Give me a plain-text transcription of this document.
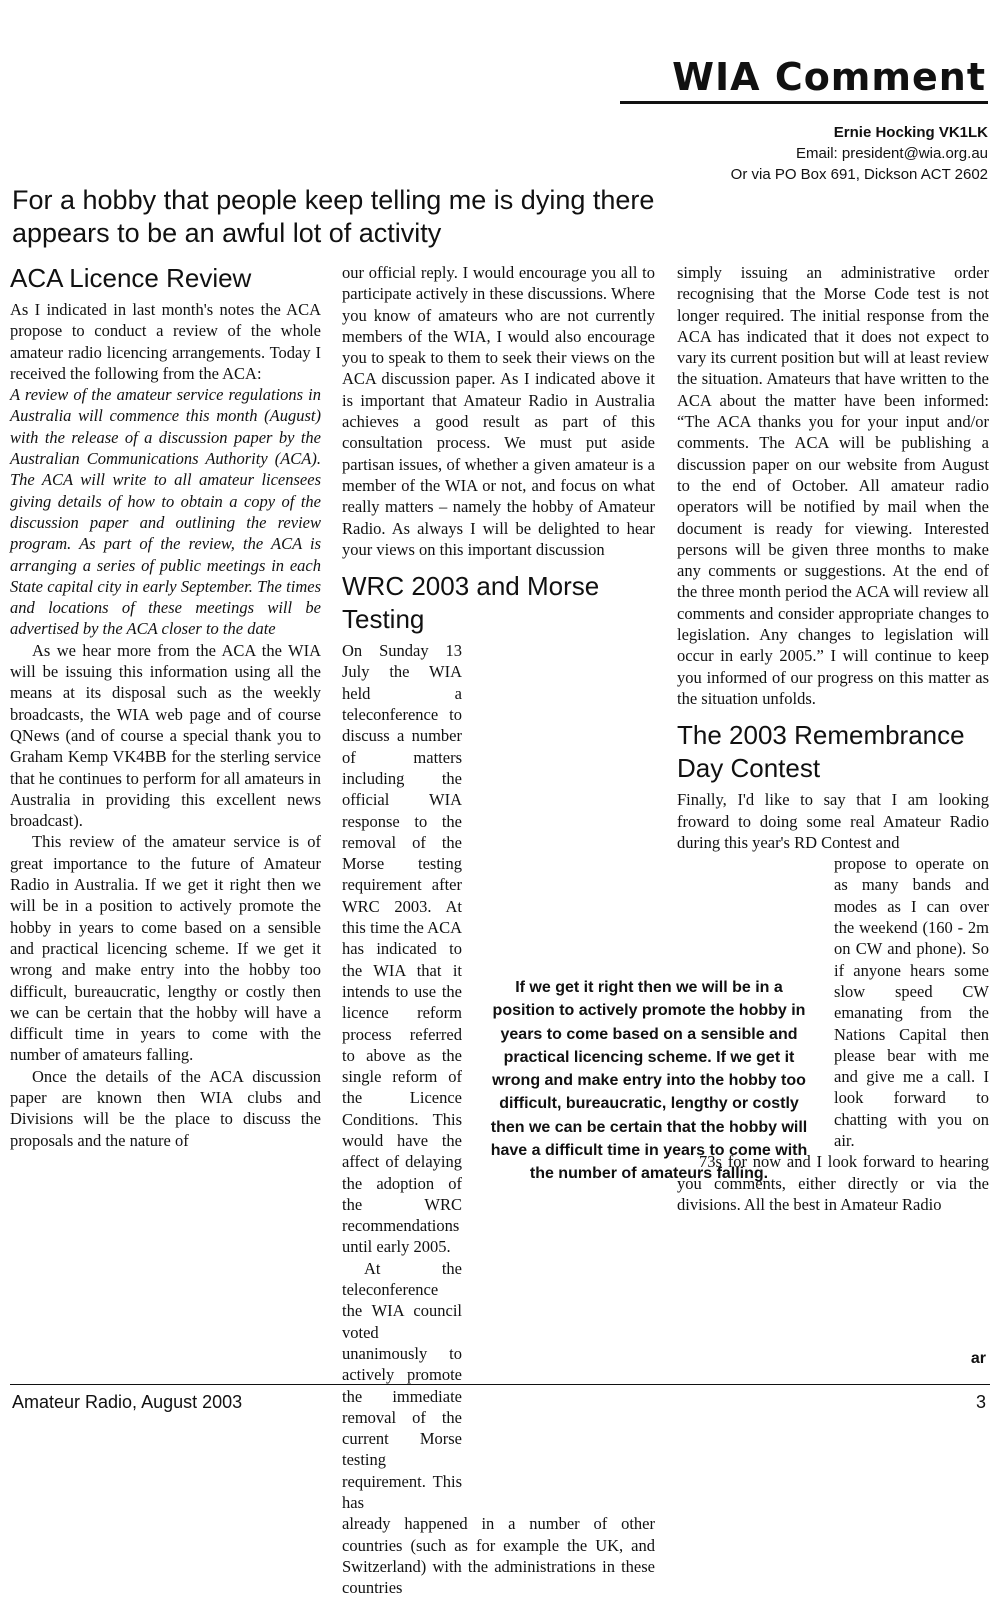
WIA Comment
Ernie Hocking VK1LK
Email: president@wia.org.au
Or via PO Box 691, Dickson ACT 2602
For a hobby that people keep telling me is dying there appears to be an awful lot of activity
ACA Licence Review

As I indicated in last month's notes the ACA propose to conduct a review of the whole amateur radio licencing arrangements. Today I received the following from the ACA:

A review of the amateur service regulations in Australia will commence this month (August) with the release of a discussion paper by the Australian Communications Authority (ACA). The ACA will write to all amateur licensees giving details of how to obtain a copy of the discussion paper and outlining the review program. As part of the review, the ACA is arranging a series of public meetings in each State capital city in early September. The times and locations of these meetings will be advertised by the ACA closer to the date

As we hear more from the ACA the WIA will be issuing this information using all the means at its disposal such as the weekly broadcasts, the WIA web page and of course QNews (and of course a special thank you to Graham Kemp VK4BB for the sterling service that he continues to perform for all amateurs in Australia in providing this excellent news broadcast).

This review of the amateur service is of great importance to the future of Amateur Radio in Australia. If we get it right then we will be in a position to actively promote the hobby in years to come based on a sensible and practical licencing scheme. If we get it wrong and make entry into the hobby too difficult, bureaucratic, lengthy or costly then we can be certain that the hobby will have a difficult time in years to come with the number of amateurs falling.

Once the details of the ACA discussion paper are known then WIA clubs and Divisions will be the place to discuss the proposals and the nature of

our official reply. I would encourage you all to participate actively in these discussions. Where you know of amateurs who are not currently members of the WIA, I would also encourage you to speak to them to seek their views on the ACA discussion paper. As I indicated above it is important that Amateur Radio in Australia achieves a good result as part of this consultation process. We must put aside partisan issues, of whether a given amateur is a member of the WIA or not, and focus on what really matters – namely the hobby of Amateur Radio. As always I will be delighted to hear your views on this important discussion

WRC 2003 and Morse Testing

On Sunday 13 July the WIA held a teleconference to discuss a number of matters including the official WIA response to the removal of the Morse testing requirement after WRC 2003. At this time the ACA has indicated to the WIA that it intends to use the licence reform process referred to above as the single reform of the Licence Conditions. This would have the affect of delaying the adoption of the WRC recommendations until early 2005.

At the teleconference the WIA council voted unanimously to actively promote the immediate removal of the current Morse testing requirement. This has

already happened in a number of other countries (such as for example the UK, and Switzerland) with the administrations in these countries

simply issuing an administrative order recognising that the Morse Code test is not longer required. The initial response from the ACA has indicated that it does not expect to vary its current position but will at least review the situation. Amateurs that have written to the ACA about the matter have been informed: “The ACA thanks you for your input and/or comments. The ACA will be publishing a discussion paper on our website from August to the end of October. All amateur radio operators will be notified by mail when the document is ready for viewing. Interested persons will be given three months to make any comments or suggestions. At the end of the three month period the ACA will review all comments and consider appropriate changes to legislation. Any changes to legislation will occur in early 2005.” I will continue to keep you informed of our progress on this matter as the situation unfolds.

The 2003 Remembrance Day Contest

Finally, I'd like to say that I am looking froward to doing some real Amateur Radio during this year's RD Contest and

propose to operate on as many bands and modes as I can over the weekend (160 - 2m on CW and phone). So if anyone hears some slow speed CW emanating from the Nations Capital then please bear with me and give me a call. I look forward to chatting with you on air.

73s for now and I look forward to hearing you comments, either directly or via the divisions. All the best in Amateur Radio

If we get it right then we will be in a position to actively promote the hobby in years to come based on a sensible and practical licencing scheme. If we get it wrong and make entry into the hobby too difficult, bureaucratic, lengthy or costly then we can be certain that the hobby will have a difficult time in years to come with the number of amateurs falling.
ar
Amateur Radio, August 2003	3
